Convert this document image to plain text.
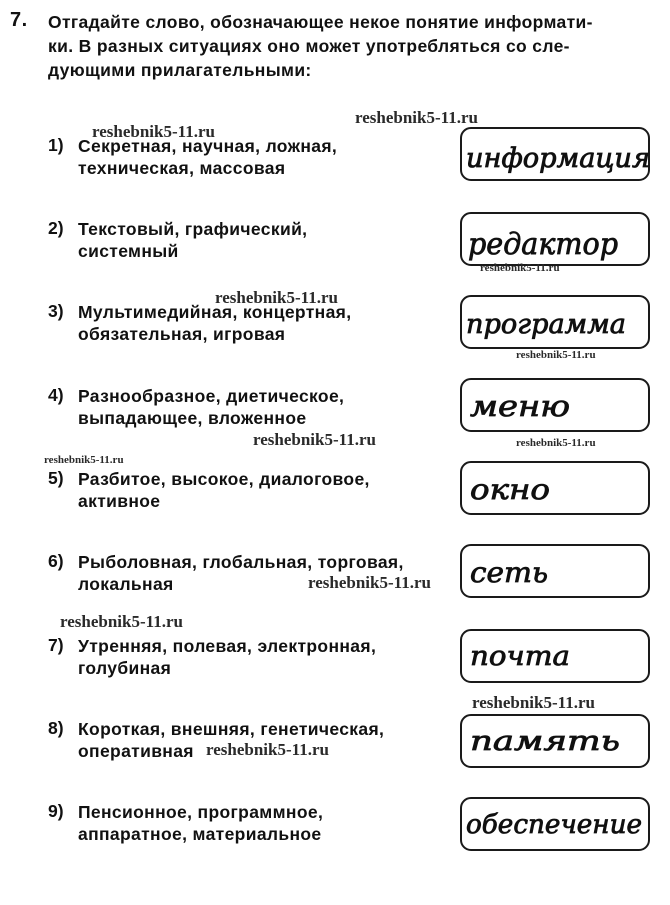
7. Отгадайте слово, обозначающее некое понятие информати-
ки. В разных ситуациях оно может употребляться со сле-
дующими прилагательными:
1) Секретная, научная, ложная,
техническая, массовая	информация
2) Текстовый, графический,
системный	редактор
3) Мультимедийная, концертная,
обязательная, игровая	программа
4) Разнообразное, диетическое,
выпадающее, вложенное	меню
5) Разбитое, высокое, диалоговое,
активное	окно
6) Рыболовная, глобальная, торговая,
локальная	сеть
7) Утренняя, полевая, электронная,
голубиная	почта
8) Короткая, внешняя, генетическая,
оперативная	память
9) Пенсионное, программное,
аппаратное, материальное	обеспечение
reshebnik5-11.ru
reshebnik5-11.ru
reshebnik5-11.ru
reshebnik5-11.ru
reshebnik5-11.ru
reshebnik5-11.ru	reshebnik5-11.ru
reshebnik5-11.ru
reshebnik5-11.ru
reshebnik5-11.ru
reshebnik5-11.ru
reshebnik5-11.ru
